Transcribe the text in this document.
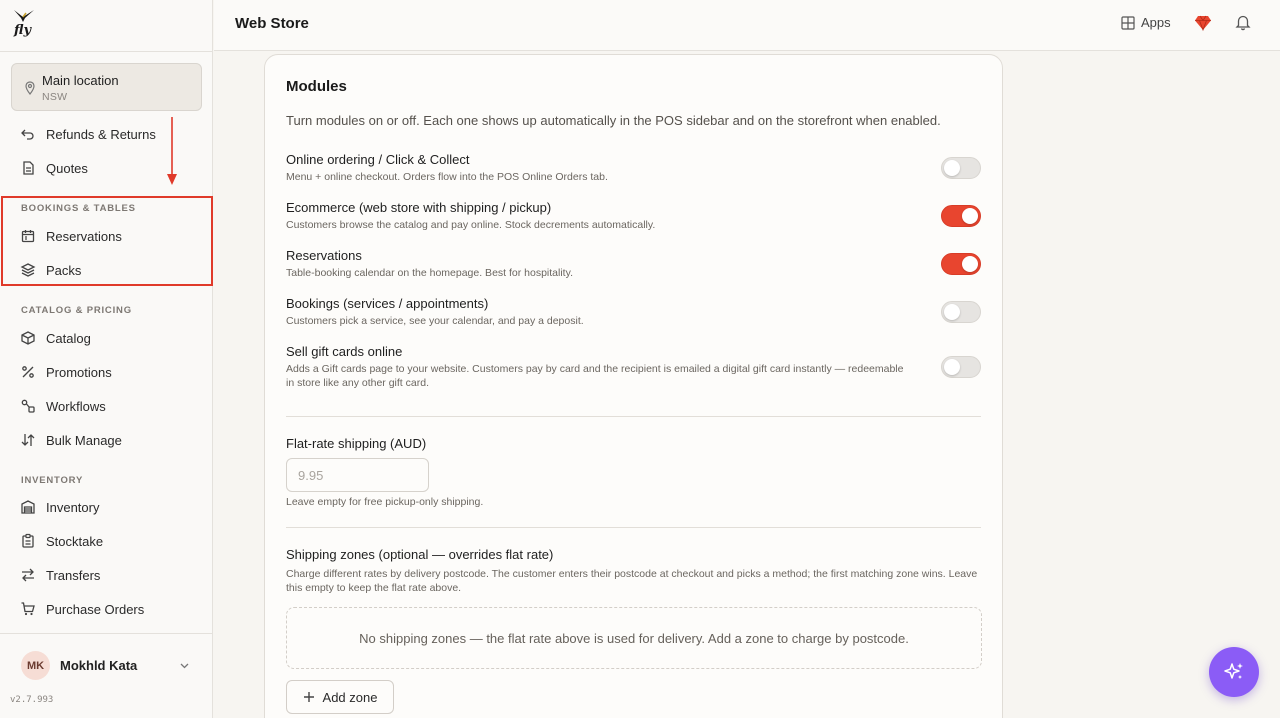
fly
Main location
NSW
Refunds & Returns
Quotes
BOOKINGS & TABLES
Reservations
Packs
CATALOG & PRICING
Catalog
Promotions
Workflows
Bulk Manage
INVENTORY
Inventory
Stocktake
Transfers
Purchase Orders
MK	Mokhld Kata
v2.7.993
Web Store	Apps
Modules
Turn modules on or off. Each one shows up automatically in the POS sidebar and on the storefront when enabled.
Online ordering / Click & Collect
Menu + online checkout. Orders flow into the POS Online Orders tab.
Ecommerce (web store with shipping / pickup)
Customers browse the catalog and pay online. Stock decrements automatically.
Reservations
Table-booking calendar on the homepage. Best for hospitality.
Bookings (services / appointments)
Customers pick a service, see your calendar, and pay a deposit.
Sell gift cards online
Adds a Gift cards page to your website. Customers pay by card and the recipient is emailed a digital gift card instantly — redeemable in store like any other gift card.
Flat-rate shipping (AUD)
9.95
Leave empty for free pickup-only shipping.
Shipping zones (optional — overrides flat rate)
Charge different rates by delivery postcode. The customer enters their postcode at checkout and picks a method; the first matching zone wins. Leave this empty to keep the flat rate above.
No shipping zones — the flat rate above is used for delivery. Add a zone to charge by postcode.
Add zone
